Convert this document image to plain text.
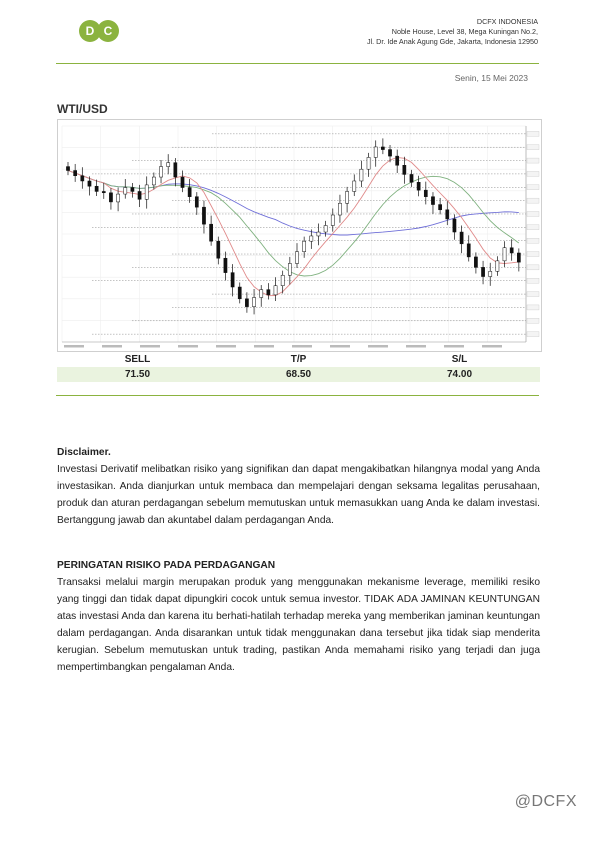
D C
DCFX INDONESIA
Noble House, Level 38, Mega Kuningan No.2,
Jl. Dr. Ide Anak Agung Gde, Jakarta, Indonesia 12950
Senin, 15 Mei 2023
WTI/USD
SELL	T/P	S/L
71.50	68.50	74.00
Disclaimer.

Investasi Derivatif melibatkan risiko yang signifikan dan dapat mengakibatkan hilangnya modal yang Anda investasikan. Anda dianjurkan untuk membaca dan mempelajari dengan seksama legalitas perusahaan, produk dan aturan perdagangan sebelum memutuskan untuk memasukkan uang Anda ke dalam investasi. Bertanggung jawab dan akuntabel dalam perdagangan Anda.

PERINGATAN RISIKO PADA PERDAGANGAN

Transaksi melalui margin merupakan produk yang menggunakan mekanisme leverage, memiliki resiko yang tinggi dan tidak dapat dipungkiri cocok untuk semua investor. TIDAK ADA JAMINAN KEUNTUNGAN atas investasi Anda dan karena itu berhati-hatilah terhadap mereka yang memberikan jaminan keuntungan dalam perdagangan. Anda disarankan untuk tidak menggunakan dana tersebut jika tidak siap menderita kerugian. Sebelum memutuskan untuk trading, pastikan Anda memahami risiko yang terjadi dan juga mempertimbangkan pengalaman Anda.

@DCFX
